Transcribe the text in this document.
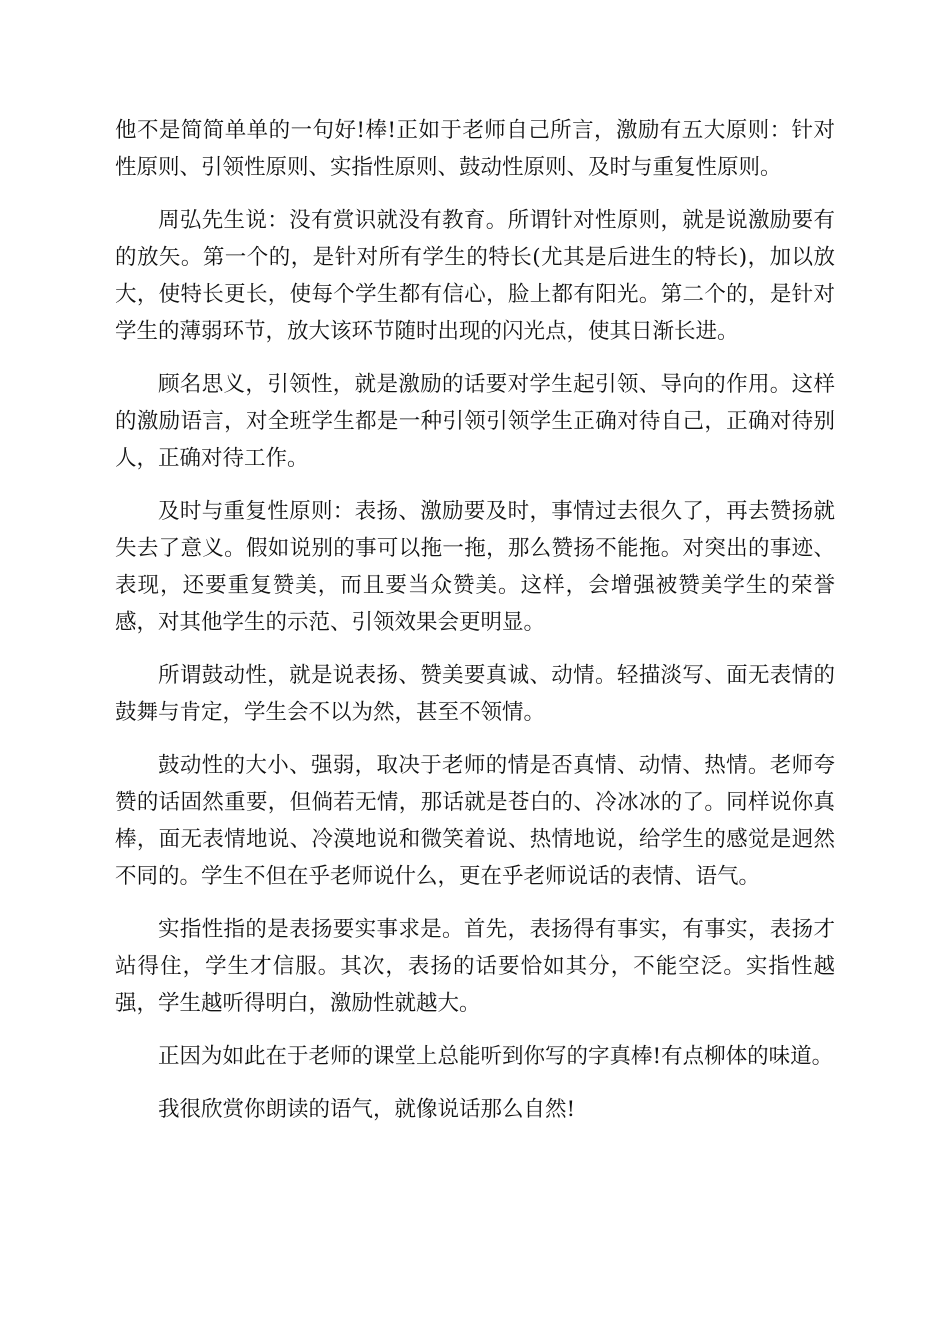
他不是简简单单的一句好!棒!正如于老师自己所言，激励有五大原则：针对性原则、引领性原则、实指性原则、鼓动性原则、及时与重复性原则。

周弘先生说：没有赏识就没有教育。所谓针对性原则，就是说激励要有的放矢。第一个的，是针对所有学生的特长(尤其是后进生的特长)，加以放大，使特长更长，使每个学生都有信心，脸上都有阳光。第二个的，是针对学生的薄弱环节，放大该环节随时出现的闪光点，使其日渐长进。

顾名思义，引领性，就是激励的话要对学生起引领、导向的作用。这样的激励语言，对全班学生都是一种引领引领学生正确对待自己，正确对待别人，正确对待工作。

及时与重复性原则：表扬、激励要及时，事情过去很久了，再去赞扬就失去了意义。假如说别的事可以拖一拖，那么赞扬不能拖。对突出的事迹、表现，还要重复赞美，而且要当众赞美。这样，会增强被赞美学生的荣誉感，对其他学生的示范、引领效果会更明显。

所谓鼓动性，就是说表扬、赞美要真诚、动情。轻描淡写、面无表情的鼓舞与肯定，学生会不以为然，甚至不领情。

鼓动性的大小、强弱，取决于老师的情是否真情、动情、热情。老师夸赞的话固然重要，但倘若无情，那话就是苍白的、冷冰冰的了。同样说你真棒，面无表情地说、冷漠地说和微笑着说、热情地说，给学生的感觉是迥然不同的。学生不但在乎老师说什么，更在乎老师说话的表情、语气。

实指性指的是表扬要实事求是。首先，表扬得有事实，有事实，表扬才站得住，学生才信服。其次，表扬的话要恰如其分，不能空泛。实指性越强，学生越听得明白，激励性就越大。

正因为如此在于老师的课堂上总能听到你写的字真棒!有点柳体的味道。

我很欣赏你朗读的语气，就像说话那么自然!
